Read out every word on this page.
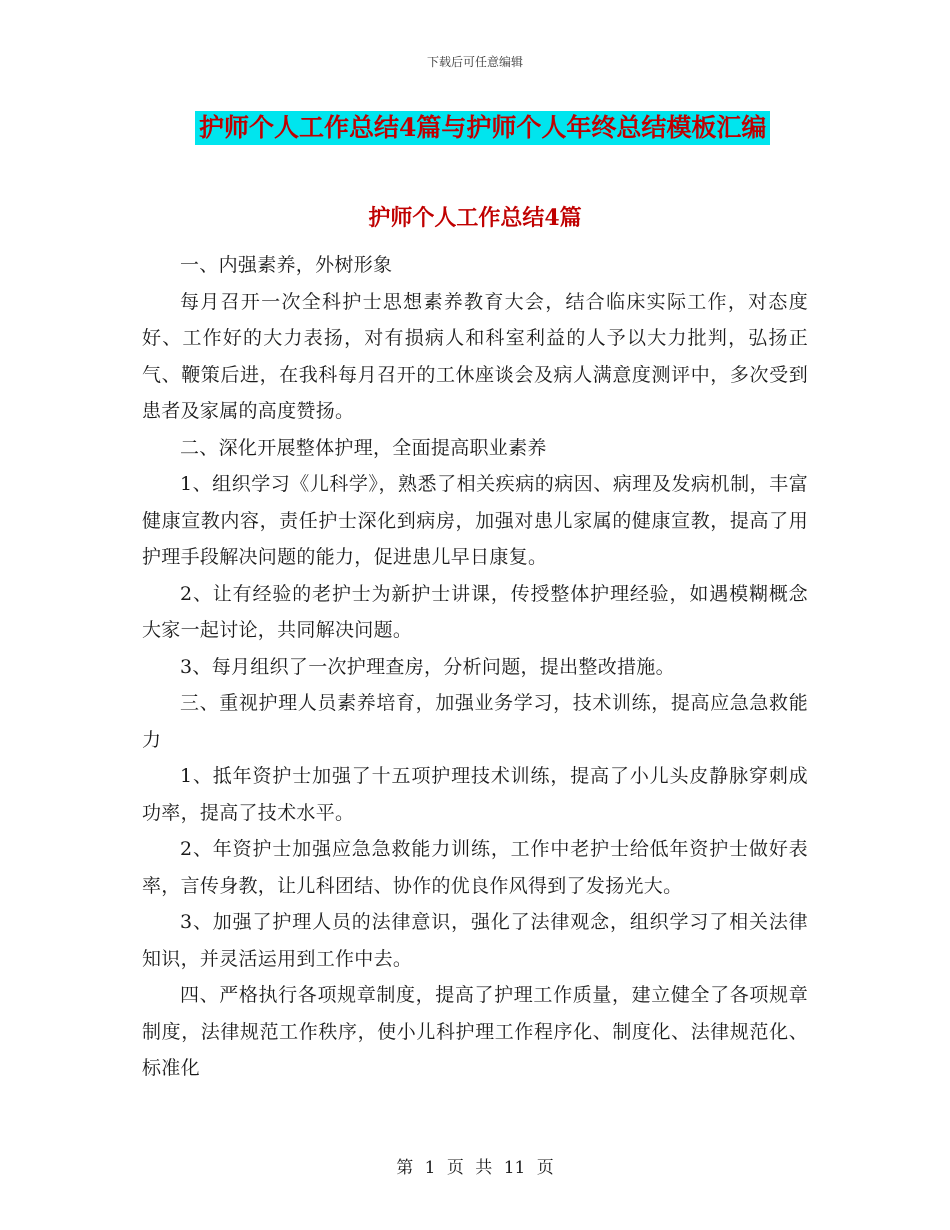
下载后可任意编辑
护师个人工作总结4篇与护师个人年终总结模板汇编
护师个人工作总结4篇

一、内强素养，外树形象

每月召开一次全科护士思想素养教育大会，结合临床实际工作，对态度好、工作好的大力表扬，对有损病人和科室利益的人予以大力批判，弘扬正气、鞭策后进，在我科每月召开的工休座谈会及病人满意度测评中，多次受到患者及家属的高度赞扬。

二、深化开展整体护理，全面提高职业素养

1、组织学习《儿科学》，熟悉了相关疾病的病因、病理及发病机制，丰富健康宣教内容，责任护士深化到病房，加强对患儿家属的健康宣教，提高了用护理手段解决问题的能力，促进患儿早日康复。

2、让有经验的老护士为新护士讲课，传授整体护理经验，如遇模糊概念大家一起讨论，共同解决问题。

3、每月组织了一次护理查房，分析问题，提出整改措施。

三、重视护理人员素养培育，加强业务学习，技术训练，提高应急急救能力

1、抵年资护士加强了十五项护理技术训练，提高了小儿头皮静脉穿刺成功率，提高了技术水平。

2、年资护士加强应急急救能力训练，工作中老护士给低年资护士做好表率，言传身教，让儿科团结、协作的优良作风得到了发扬光大。

3、加强了护理人员的法律意识，强化了法律观念，组织学习了相关法律知识，并灵活运用到工作中去。

四、严格执行各项规章制度，提高了护理工作质量，建立健全了各项规章制度，法律规范工作秩序，使小儿科护理工作程序化、制度化、法律规范化、标准化

第 1 页 共 11 页
